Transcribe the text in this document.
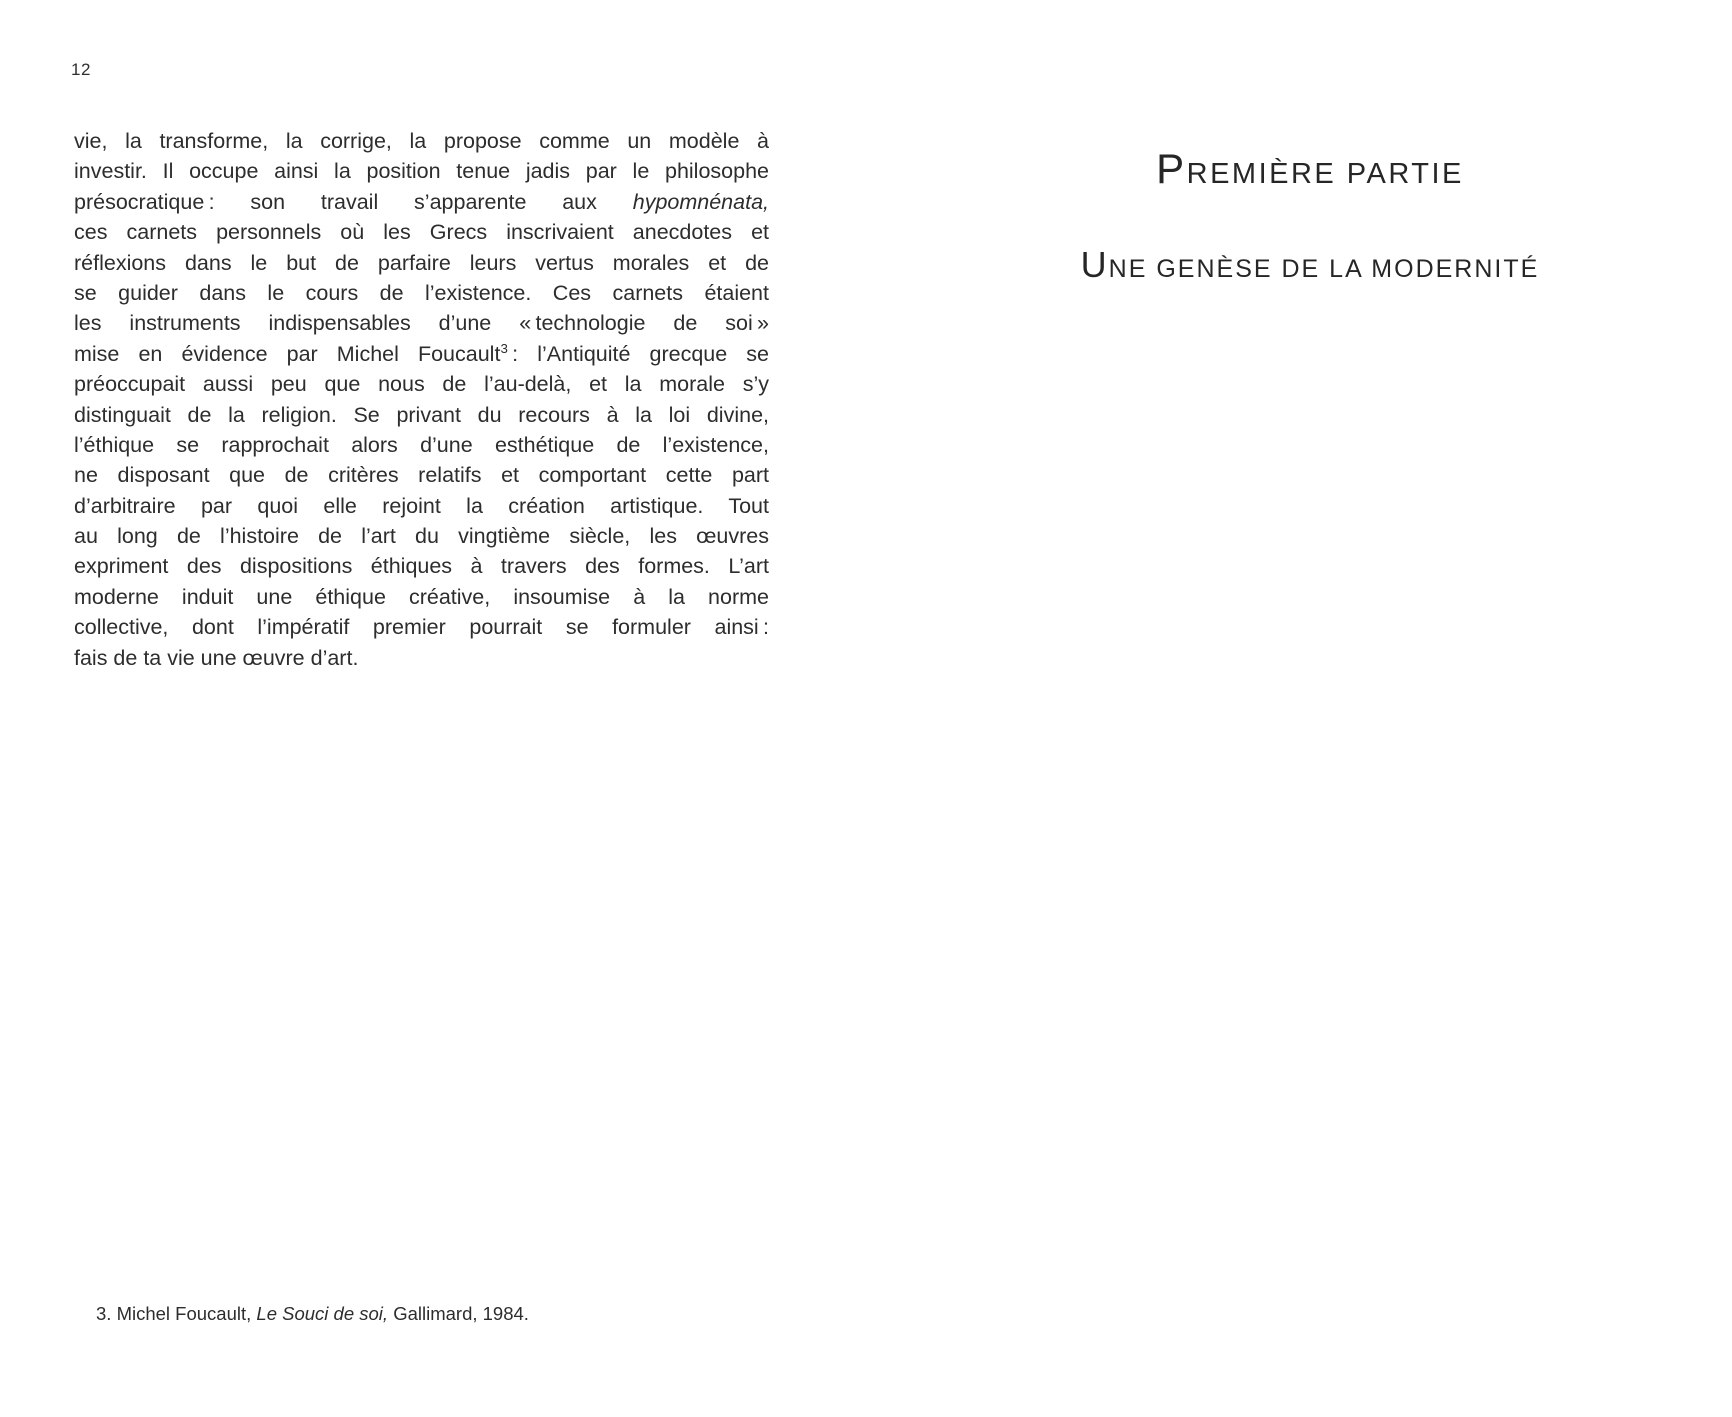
12
vie, la transforme, la corrige, la propose comme un modèle à
investir. Il occupe ainsi la position tenue jadis par le philosophe
présocratique : son travail s’apparente aux hypomnénata,
ces carnets personnels où les Grecs inscrivaient anecdotes et
réflexions dans le but de parfaire leurs vertus morales et de
se guider dans le cours de l’existence. Ces carnets étaient
les instruments indispensables d’une « technologie de soi »
mise en évidence par Michel Foucault$^3$ : l’Antiquité grecque se
préoccupait aussi peu que nous de l’au-delà, et la morale s’y
distinguait de la religion. Se privant du recours à la loi divine,
l’éthique se rapprochait alors d’une esthétique de l’existence,
ne disposant que de critères relatifs et comportant cette part
d’arbitraire par quoi elle rejoint la création artistique. Tout
au long de l’histoire de l’art du vingtième siècle, les œuvres
expriment des dispositions éthiques à travers des formes. L’art
moderne induit une éthique créative, insoumise à la norme
collective, dont l’impératif premier pourrait se formuler ainsi :
fais de ta vie une œuvre d’art.
PREMIÈRE PARTIE
UNE GENÈSE DE LA MODERNITÉ
3. Michel Foucault, Le Souci de soi, Gallimard, 1984.
